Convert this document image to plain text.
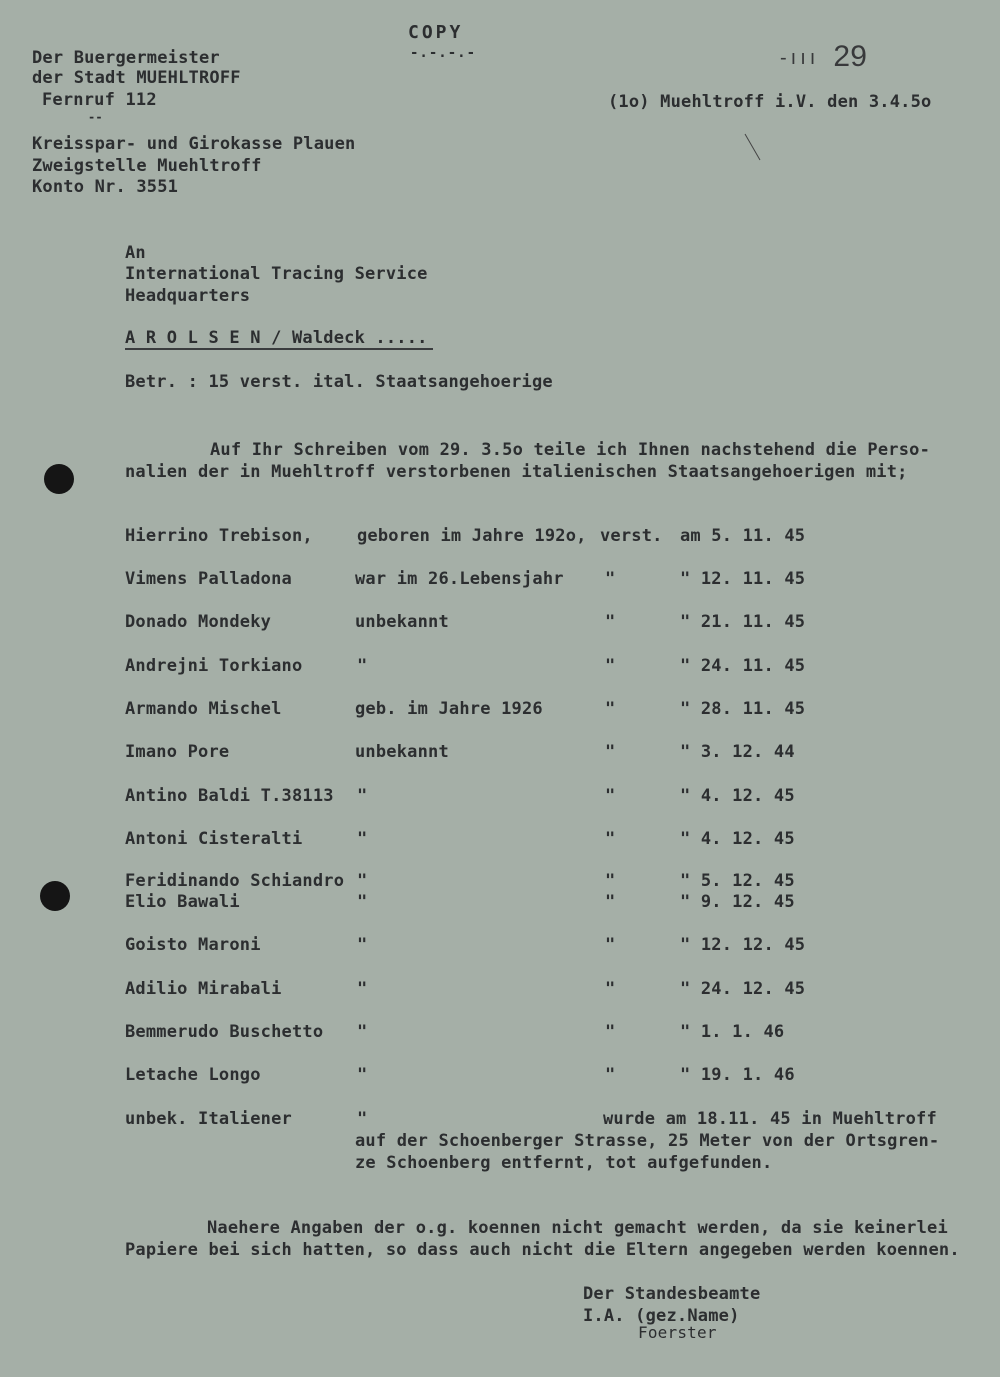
COPY
-.-.-.-	-ııı 29
Der Buergermeister
der Stadt MUEHLTROFF
Fernruf 112
--
Kreisspar- und Girokasse Plauen
Zweigstelle Muehltroff
Konto Nr. 3551
(1o) Muehltroff i.V. den 3.4.5o
An
International Tracing Service
Headquarters
A R O L S E N / Waldeck .....
Betr. : 15 verst. ital. Staatsangehoerige
Auf Ihr Schreiben vom 29. 3.5o teile ich Ihnen nachstehend die Perso-
nalien der in Muehltroff verstorbenen italienischen Staatsangehoerigen mit;
Hierrino Trebison,	geboren im Jahre 192o, verst. am 5. 11. 45
Vimens Palladona	war im 26.Lebensjahr "	" 12. 11. 45
Donado Mondeky	unbekannt	"	" 21. 11. 45
Andrejni Torkiano	"	"	" 24. 11. 45
Armando Mischel	geb. im Jahre 1926	"	" 28. 11. 45
Imano Pore	unbekannt	"	" 3. 12. 44
Antino Baldi T.38113 "	"	" 4. 12. 45
Antoni Cisteralti	"	"	" 4. 12. 45
Feridinando Schiandro "	"	" 5. 12. 45
Elio Bawali	"	"	" 9. 12. 45
Goisto Maroni	"	"	" 12. 12. 45
Adilio Mirabali	"	"	" 24. 12. 45
Bemmerudo Buschetto "	"	" 1. 1. 46
Letache Longo	"	"	" 19. 1. 46
unbek. Italiener	"	wurde am 18.11. 45 in Muehltroff
auf der Schoenberger Strasse, 25 Meter von der Ortsgren-
ze Schoenberg entfernt, tot aufgefunden.
Naehere Angaben der o.g. koennen nicht gemacht werden, da sie keinerlei
Papiere bei sich hatten, so dass auch nicht die Eltern angegeben werden koennen.
Der Standesbeamte
I.A. (gez.Name)
Foerster
